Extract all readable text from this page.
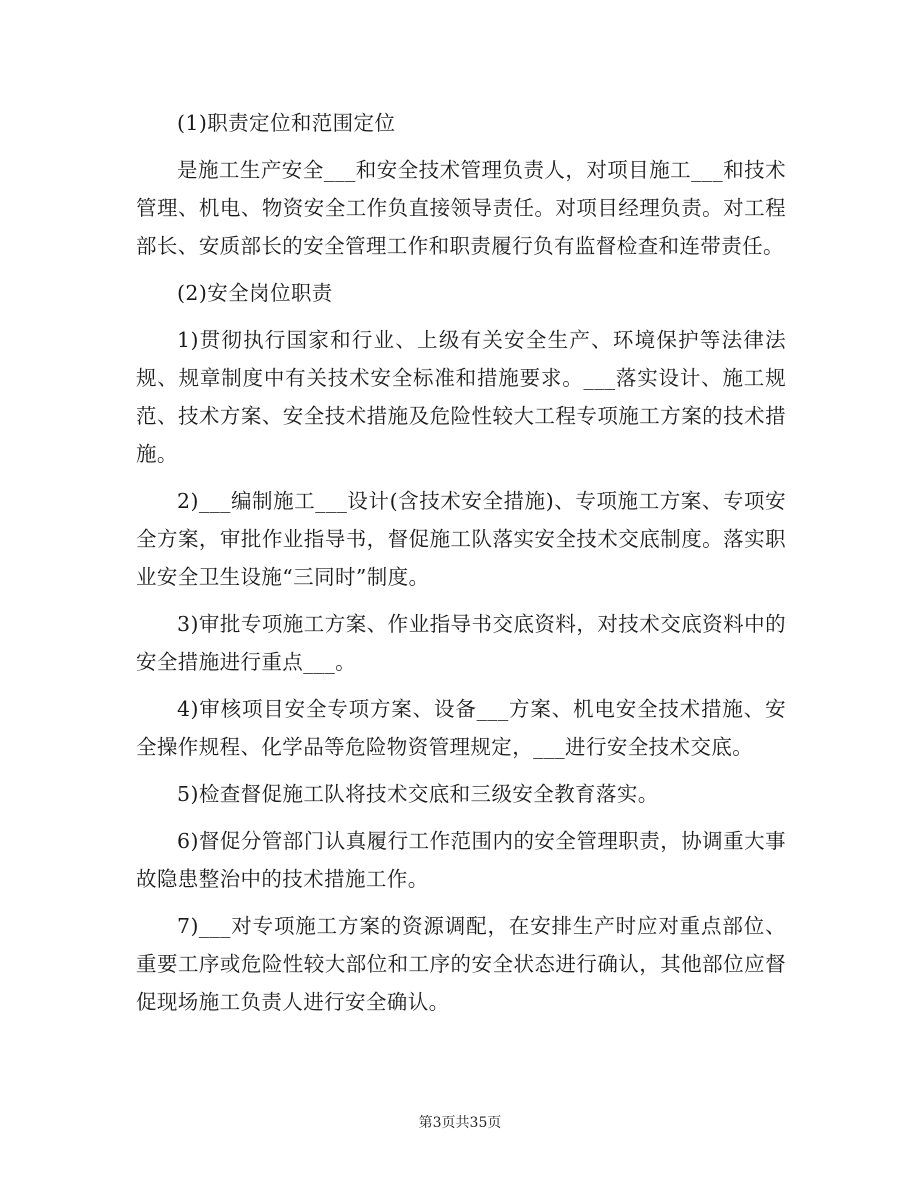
(1)职责定位和范围定位

是施工生产安全___和安全技术管理负责人，对项目施工___和技术管理、机电、物资安全工作负直接领导责任。对项目经理负责。对工程部长、安质部长的安全管理工作和职责履行负有监督检查和连带责任。

(2)安全岗位职责

1)贯彻执行国家和行业、上级有关安全生产、环境保护等法律法规、规章制度中有关技术安全标准和措施要求。___落实设计、施工规范、技术方案、安全技术措施及危险性较大工程专项施工方案的技术措施。

2)___编制施工___设计(含技术安全措施)、专项施工方案、专项安全方案，审批作业指导书，督促施工队落实安全技术交底制度。落实职业安全卫生设施“三同时”制度。

3)审批专项施工方案、作业指导书交底资料，对技术交底资料中的安全措施进行重点___。

4)审核项目安全专项方案、设备___方案、机电安全技术措施、安全操作规程、化学品等危险物资管理规定，___进行安全技术交底。

5)检查督促施工队将技术交底和三级安全教育落实。

6)督促分管部门认真履行工作范围内的安全管理职责，协调重大事故隐患整治中的技术措施工作。

7)___对专项施工方案的资源调配，在安排生产时应对重点部位、重要工序或危险性较大部位和工序的安全状态进行确认，其他部位应督促现场施工负责人进行安全确认。

第3页共35页
